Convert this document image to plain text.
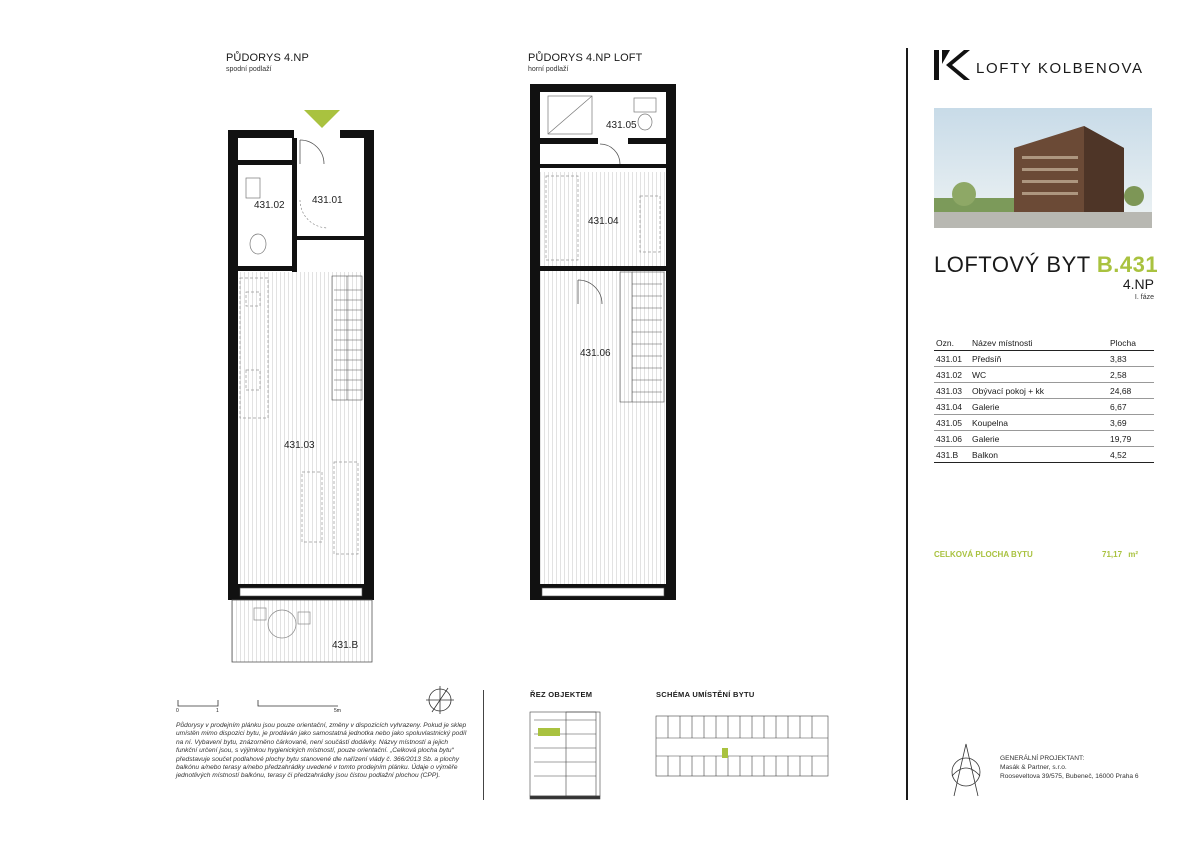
PŮDORYS 4.NP
spodní podlaží
431.02	431.01
431.03
431.B
PŮDORYS 4.NP LOFT
horní podlaží
431.05
431.04
431.06
0	1	5m
Půdorysy v prodejním plánku jsou pouze orientační, změny v dispozicích vyhrazeny. Pokud je sklep umístěn mimo dispozici bytu, je prodáván jako samostatná jednotka nebo jako spoluvlastnický podíl na ní. Vybavení bytu, znázorněno čárkovaně, není součástí dodávky. Názvy místností a jejich funkční určení jsou, s výjimkou hygienických místností, pouze orientační. „Celková plocha bytu“ představuje součet podlahové plochy bytu stanovené dle nařízení vlády č. 366/2013 Sb. a plochy balkónu a/nebo terasy a/nebo předzahrádky uvedené v tomto prodejním plánku. Údaje o výměře jednotlivých místností balkónu, terasy či předzahrádky jsou čistou podlažní plochou (CPP).
ŘEZ OBJEKTEM	SCHÉMA UMÍSTĚNÍ BYTU
LOFTY KOLBENOVA
LOFTOVÝ BYT B.431
4.NP
I. fáze
Ozn.	Název místnosti	Plocha
431.01	Předsíň	3,83
431.02	WC	2,58
431.03	Obývací pokoj + kk	24,68
431.04	Galerie	6,67
431.05	Koupelna	3,69
431.06	Galerie	19,79
431.B	Balkon	4,52
CELKOVÁ PLOCHA BYTU	71,17 m²
GENERÁLNÍ PROJEKTANT:
Masák & Partner, s.r.o.
Rooseveltova 39/575, Bubeneč, 16000 Praha 6
